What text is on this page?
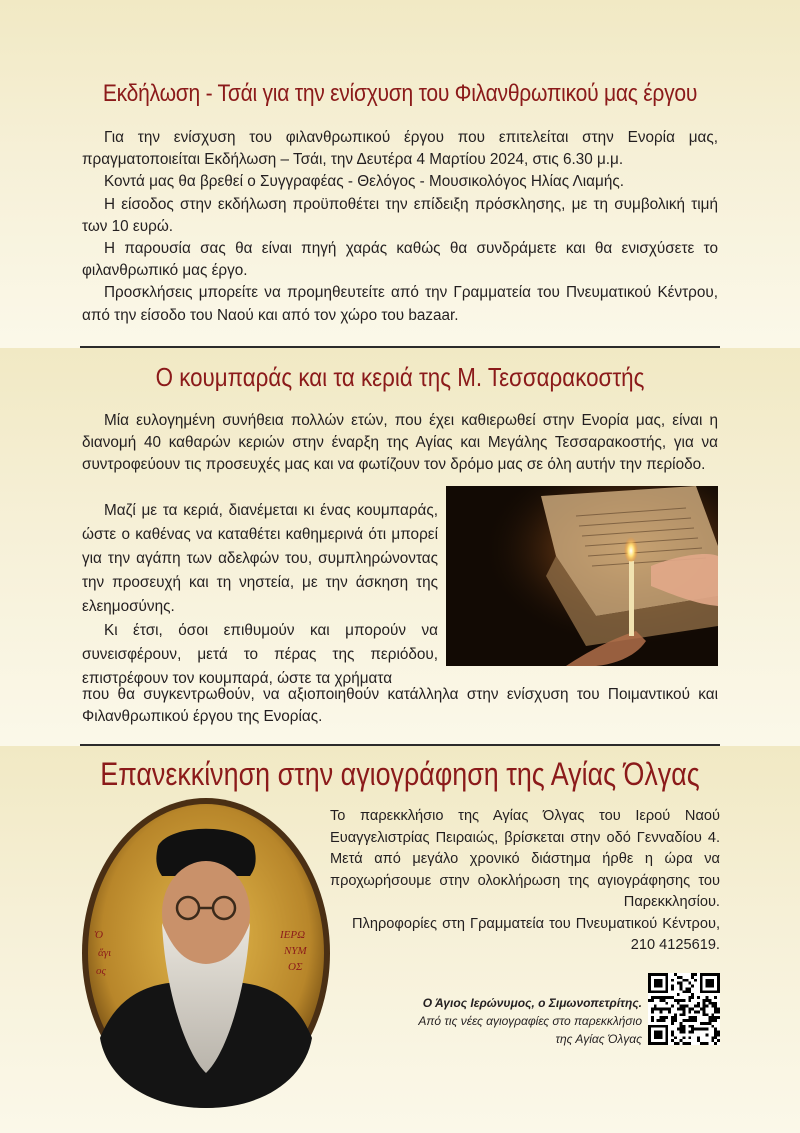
Εκδήλωση - Τσάι για την ενίσχυση του Φιλανθρωπικού μας έργου

Για την ενίσχυση του φιλανθρωπικού έργου που επιτελείται στην Ενορία μας, πραγματοποιείται Εκδήλωση – Τσάι, την Δευτέρα 4 Μαρτίου 2024, στις 6.30 μ.μ.

Κοντά μας θα βρεθεί ο Συγγραφέας - Θελόγος - Μουσικολόγος Ηλίας Λιαμής.

Η είσοδος στην εκδήλωση προϋποθέτει την επίδειξη πρόσκλησης, με τη συμβολική τιμή των 10 ευρώ.

Η παρουσία σας θα είναι πηγή χαράς καθώς θα συνδράμετε και θα ενισχύσετε το φιλανθρωπικό μας έργο.

Προσκλήσεις μπορείτε να προμηθευτείτε από την Γραμματεία του Πνευματικού Κέντρου, από την είσοδο του Ναού και από τον χώρο του bazaar.

Ο κουμπαράς και τα κεριά της Μ. Τεσσαρακοστής

Μία ευλογημένη συνήθεια πολλών ετών, που έχει καθιερωθεί στην Ενορία μας, είναι η διανομή 40 καθαρών κεριών στην έναρξη της Αγίας και Μεγάλης Τεσσαρακοστής, για να συντροφεύουν τις προσευχές μας και να φωτίζουν τον δρόμο μας σε όλη αυτήν την περίοδο.

Μαζί με τα κεριά, διανέμεται κι ένας κουμπαράς, ώστε ο καθένας να καταθέτει καθημερινά ότι μπορεί για την αγάπη των αδελφών του, συμπληρώνοντας την προσευχή και τη νηστεία, με την άσκηση της ελεημοσύνης.

Κι έτσι, όσοι επιθυμούν και μπορούν να συνεισφέρουν, μετά το πέρας της περιόδου, επιστρέφουν τον κουμπαρά, ώστε τα χρήματα

που θα συγκεντρωθούν, να αξιοποιηθούν κατάλληλα στην ενίσχυση του Ποιμαντικού και Φιλανθρωπικού έργου της Ενορίας.

Επανεκκίνηση στην αγιογράφηση της Αγίας Όλγας
Ὁ
ἅγι
ος
ΙΕΡΩ
ΝΥΜ
ΟΣ

Το παρεκκλήσιο της Αγίας Όλγας του Ιερού Ναού Ευαγγελιστρίας Πειραιώς, βρίσκεται στην οδό Γενναδίου 4. Μετά από μεγάλο χρονικό διάστημα ήρθε η ώρα να προχωρήσουμε στην ολοκλήρωση της αγιογράφησης του Παρεκκλησίου.

Πληροφορίες στη Γραμματεία του Πνευματικού Κέντρου, 210 4125619.

Ο Άγιος Ιερώνυμος, ο Σιμωνοπετρίτης.
Από τις νέες αγιογραφίες στο παρεκκλήσιο
της Αγίας Όλγας
